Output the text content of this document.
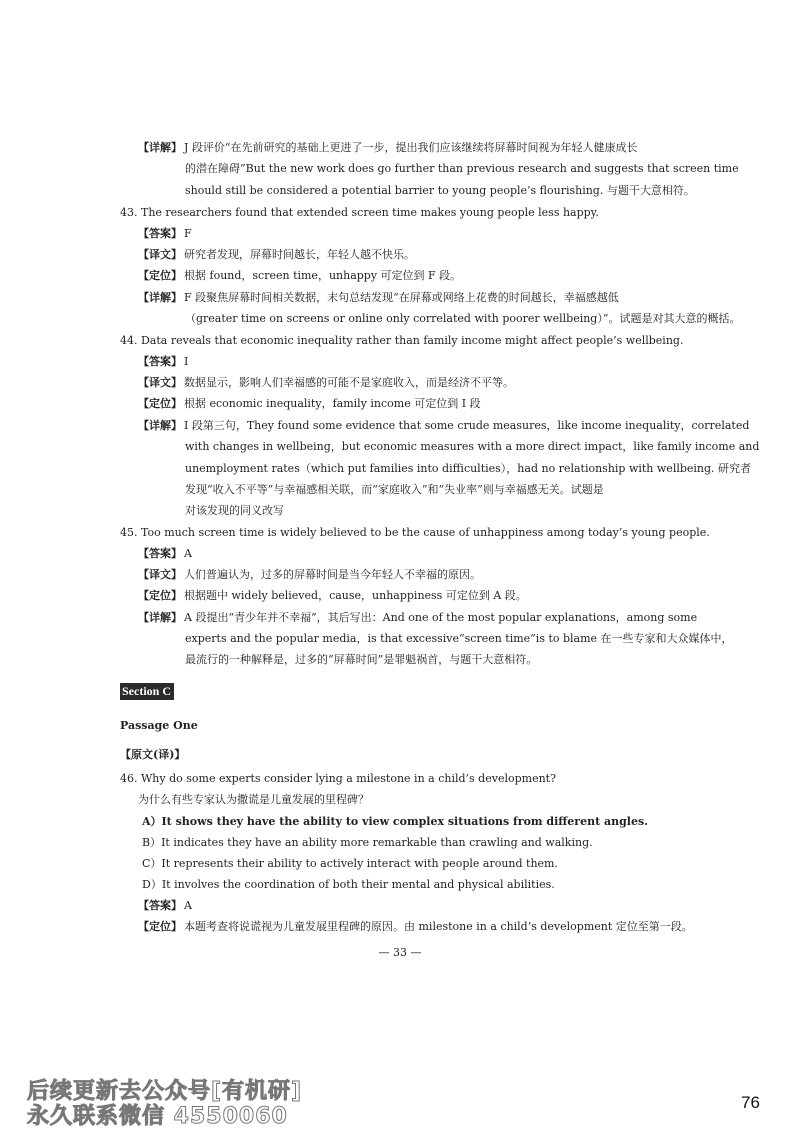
【详解】 J 段评价“在先前研究的基础上更进了一步，提出我们应该继续将屏幕时间视为年轻人健康成长
的潜在障碍”But the new work does go further than previous research and suggests that screen time
should still be considered a potential barrier to young people’s flourishing. 与题干大意相符。
43. The researchers found that extended screen time makes young people less happy.
【答案】 F
【译文】 研究者发现，屏幕时间越长，年轻人越不快乐。
【定位】 根据 found，screen time，unhappy 可定位到 F 段。
【详解】 F 段聚焦屏幕时间相关数据，末句总结发现“在屏幕或网络上花费的时间越长，幸福感越低
（greater time on screens or online only correlated with poorer wellbeing）”。试题是对其大意的概括。
44. Data reveals that economic inequality rather than family income might affect people’s wellbeing.
【答案】 I
【译文】 数据显示，影响人们幸福感的可能不是家庭收入，而是经济不平等。
【定位】 根据 economic inequality，family income 可定位到 I 段
【详解】 I 段第三句，They found some evidence that some crude measures，like income inequality，correlated
with changes in wellbeing，but economic measures with a more direct impact，like family income and
unemployment rates（which put families into difficulties），had no relationship with wellbeing. 研究者
发现“收入不平等”与幸福感相关联，而“家庭收入”和“失业率”则与幸福感无关。试题是
对该发现的同义改写
45. Too much screen time is widely believed to be the cause of unhappiness among today’s young people.
【答案】 A
【译文】 人们普遍认为，过多的屏幕时间是当今年轻人不幸福的原因。
【定位】 根据题中 widely believed，cause，unhappiness 可定位到 A 段。
【详解】 A 段提出“青少年并不幸福”，其后写出：And one of the most popular explanations，among some
experts and the popular media，is that excessive“screen time”is to blame 在一些专家和大众媒体中，
最流行的一种解释是，过多的“屏幕时间”是罪魁祸首，与题干大意相符。
46. Why do some experts consider lying a milestone in a child’s development?
为什么有些专家认为撒谎是儿童发展的里程碑？
A）It shows they have the ability to view complex situations from different angles.
B）It indicates they have an ability more remarkable than crawling and walking.
C）It represents their ability to actively interact with people around them.
D）It involves the coordination of both their mental and physical abilities.
【答案】 A
【定位】 本题考查将说谎视为儿童发展里程碑的原因。由 milestone in a child’s development 定位至第一段。
Section C
Passage One
【原文(译)】
— 33 —
76
后续更新去公众号[有机研]
永久联系微信 4550060
